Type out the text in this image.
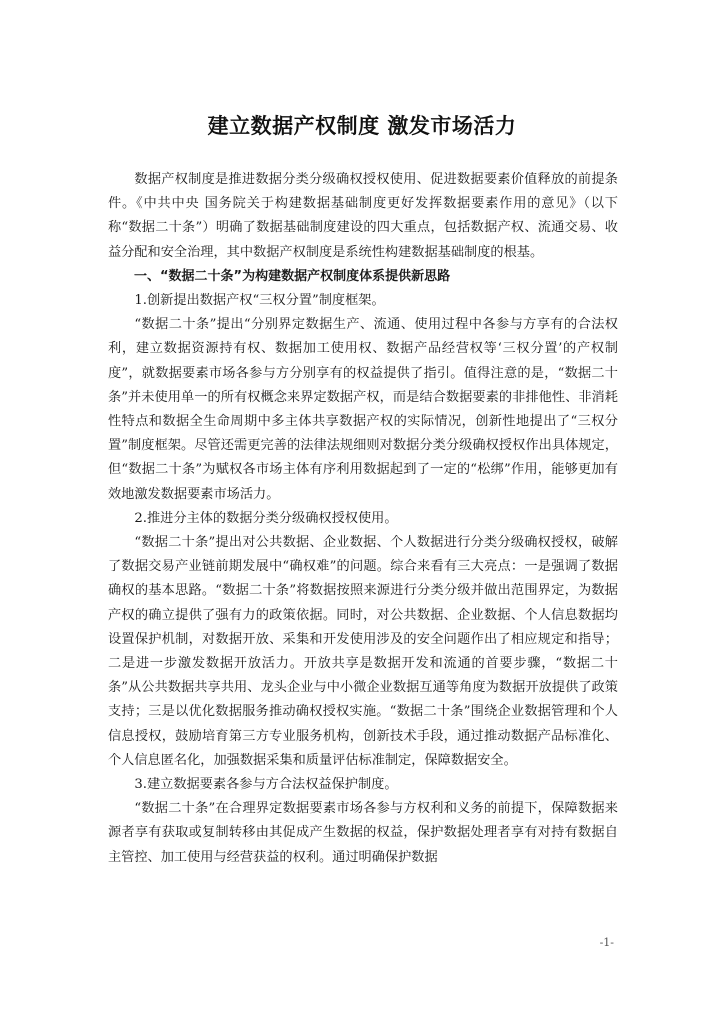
建立数据产权制度 激发市场活力

数据产权制度是推进数据分类分级确权授权使用、促进数据要素价值释放的前提条件。《中共中央 国务院关于构建数据基础制度更好发挥数据要素作用的意见》（以下称“数据二十条”）明确了数据基础制度建设的四大重点，包括数据产权、流通交易、收益分配和安全治理，其中数据产权制度是系统性构建数据基础制度的根基。

一、“数据二十条”为构建数据产权制度体系提供新思路

1.创新提出数据产权“三权分置”制度框架。

“数据二十条”提出“分别界定数据生产、流通、使用过程中各参与方享有的合法权利，建立数据资源持有权、数据加工使用权、数据产品经营权等‘三权分置’的产权制度”，就数据要素市场各参与方分别享有的权益提供了指引。值得注意的是，“数据二十条”并未使用单一的所有权概念来界定数据产权，而是结合数据要素的非排他性、非消耗性特点和数据全生命周期中多主体共享数据产权的实际情况，创新性地提出了“三权分置”制度框架。尽管还需更完善的法律法规细则对数据分类分级确权授权作出具体规定，但“数据二十条”为赋权各市场主体有序利用数据起到了一定的“松绑”作用，能够更加有效地激发数据要素市场活力。

2.推进分主体的数据分类分级确权授权使用。

“数据二十条”提出对公共数据、企业数据、个人数据进行分类分级确权授权，破解了数据交易产业链前期发展中“确权难”的问题。综合来看有三大亮点：一是强调了数据确权的基本思路。“数据二十条”将数据按照来源进行分类分级并做出范围界定，为数据产权的确立提供了强有力的政策依据。同时，对公共数据、企业数据、个人信息数据均设置保护机制，对数据开放、采集和开发使用涉及的安全问题作出了相应规定和指导；二是进一步激发数据开放活力。开放共享是数据开发和流通的首要步骤，“数据二十条”从公共数据共享共用、龙头企业与中小微企业数据互通等角度为数据开放提供了政策支持；三是以优化数据服务推动确权授权实施。“数据二十条”围绕企业数据管理和个人信息授权，鼓励培育第三方专业服务机构，创新技术手段，通过推动数据产品标准化、个人信息匿名化，加强数据采集和质量评估标准制定，保障数据安全。

3.建立数据要素各参与方合法权益保护制度。

“数据二十条”在合理界定数据要素市场各参与方权利和义务的前提下，保障数据来源者享有获取或复制转移由其促成产生数据的权益，保护数据处理者享有对持有数据自主管控、加工使用与经营获益的权利。通过明确保护数据

-1-
